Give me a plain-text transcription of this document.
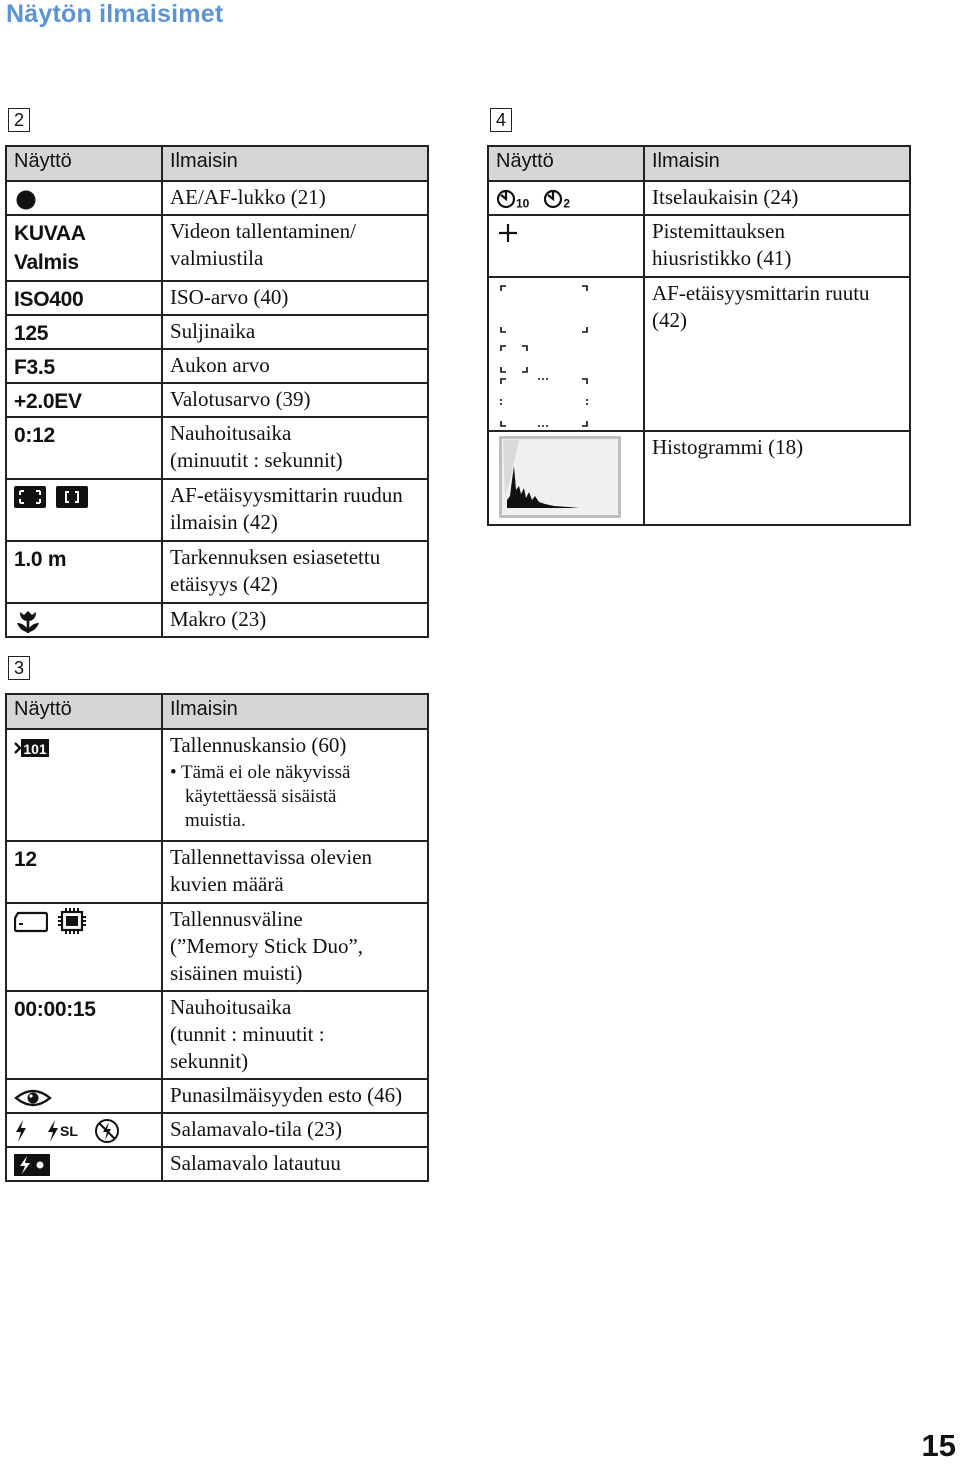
Näytön ilmaisimet
2
Näyttö	Ilmaisin
	AE/AF-lukko (21)

KUVAA
Valmis	Videon tallentaminen/
valmiustila

ISO400	ISO-arvo (40)

125	Suljinaika

F3.5	Aukon arvo

+2.0EV	Valotusarvo (39)

0:12	Nauhoitusaika
(minuutit : sekunnit)
	AF-etäisyysmittarin ruudun
ilmaisin (42)

1.0 m	Tarkennuksen esiasetettu
etäisyys (42)
	Makro (23)
3
Näyttö	Ilmaisin

101	Tallennuskansio (60)
• Tämä ei ole näkyvissä
käytettäessä sisäistä
muistia.

12	Tallennettavissa olevien
kuvien määrä
	Tallennusväline
(”Memory Stick Duo”,
sisäinen muisti)

00:00:15	Nauhoitusaika
(tunnit : minuutit :
sekunnit)
	Punasilmäisyyden esto (46)
SL	Salamavalo-tila (23)
	Salamavalo latautuu
4
Näyttö	Ilmaisin
$_{10}$ $_2$	Itselaukaisin (24)
	Pistemittauksen
hiusristikko (41)
	AF-etäisyysmittarin ruutu
(42)
	Histogrammi (18)
15
